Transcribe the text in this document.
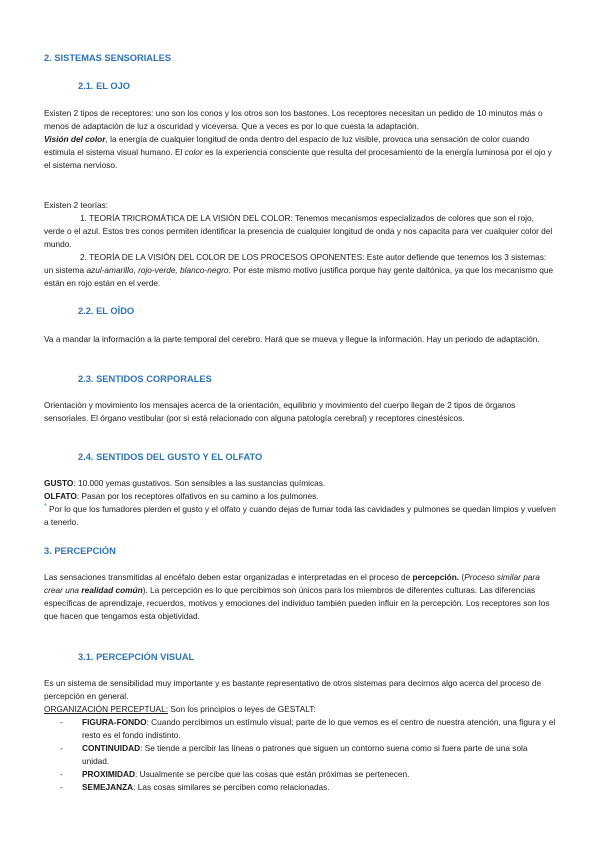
2. SISTEMAS SENSORIALES
2.1. EL OJO

Existen 2 tipos de receptores: uno son los conos y los otros son los bastones. Los receptores necesitan un pedido de 10 minutos más o menos de adaptación de luz a oscuridad y viceversa. Que a veces es por lo que cuesta la adaptación.

Visión del color, la energía de cualquier longitud de onda dentro del espacio de luz visible, provoca una sensación de color cuando estimula el sistema visual humano. El color es la experiencia consciente que resulta del procesamiento de la energía luminosa por el ojo y el sistema nervioso.

Existen 2 teorías:

1. TEORÍA TRICROMÁTICA DE LA VISIÓN DEL COLOR: Tenemos mecanismos especializados de colores que son el rojo, verde o el azul. Estos tres conos permiten identificar la presencia de cualquier longitud de onda y nos capacita para ver cualquier color del mundo.

2. TEORÍA DE LA VISIÓN DEL COLOR DE LOS PROCESOS OPONENTES: Este autor defiende que tenemos los 3 sistemas: un sistema azul-amarillo, rojo-verde, blanco-negro. Por este mismo motivo justifica porque hay gente daltónica, ya que los mecanismo que están en rojo están en el verde.

2.2. EL OÍDO

Va a mandar la información a la parte temporal del cerebro. Hará que se mueva y llegue la información. Hay un periodo de adaptación.

2.3. SENTIDOS CORPORALES

Orientación y movimiento los mensajes acerca de la orientación, equilibrio y movimiento del cuerpo llegan de 2 tipos de órganos sensoriales. El órgano vestibular (por si está relacionado con alguna patología cerebral) y receptores cinestésicos.

2.4. SENTIDOS DEL GUSTO Y EL OLFATO

GUSTO: 10.000 yemas gustativos. Son sensibles a las sustancias químicas.

OLFATO: Pasan por los receptores olfativos en su camino a los pulmones.

* Por lo que los fumadores pierden el gusto y el olfato y cuando dejas de fumar toda las cavidades y pulmones se quedan limpios y vuelven a tenerlo.

3. PERCEPCIÓN

Las sensaciones transmitidas al encéfalo deben estar organizadas e interpretadas en el proceso de percepción. (Proceso similar para crear una realidad común). La percepción es lo que percibimos son únicos para los miembros de diferentes culturas. Las diferencias específicas de aprendizaje, recuerdos, motivos y emociones del individuo también pueden influir en la percepción. Los receptores son los que hacen que tengamos esta objetividad.

3.1. PERCEPCIÓN VISUAL

Es un sistema de sensibilidad muy importante y es bastante representativo de otros sistemas para decirnos algo acerca del proceso de percepción en general.

ORGANIZACIÓN PERCEPTUAL: Son los principios o leyes de GESTALT:

- FIGURA-FONDO: Cuando percibimos un estímulo visual; parte de lo que vemos es el centro de nuestra atención, una figura y el resto es el fondo indistinto.
- CONTINUIDAD: Se tiende a percibir las líneas o patrones que siguen un contorno suena como si fuera parte de una sola unidad.
- PROXIMIDAD: Usualmente se percibe que las cosas que están próximas se pertenecen.
- SEMEJANZA: Las cosas similares se perciben como relacionadas.
